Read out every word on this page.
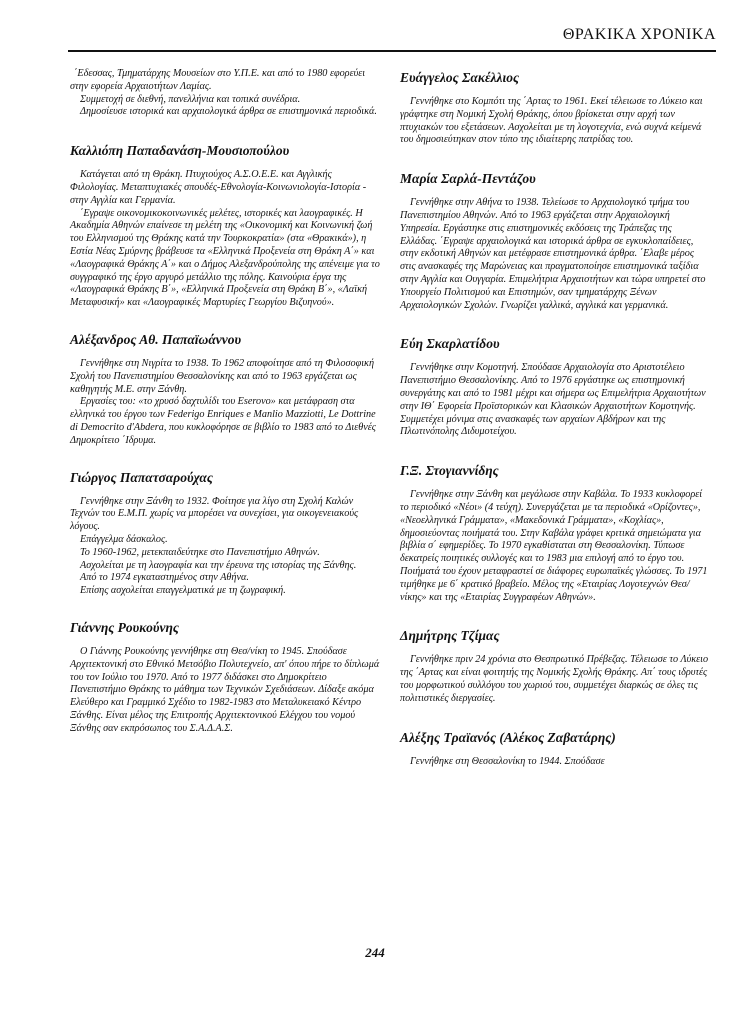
ΘΡΑΚΙΚΑ ΧΡΟΝΙΚΑ

΄Εδεσσας, Τμηματάρχης Μουσείων στο Υ.Π.Ε. και από το 1980 εφορεύει στην εφορεία Αρχαιοτήτων Λαμίας.

Συμμετοχή σε διεθνή, πανελλήνια και τοπικά συνέδρια.

Δημοσίευσε ιστορικά και αρχαιολογικά άρθρα σε επιστημονικά περιοδικά.

Καλλιόπη Παπαδανάση-Μουσιοπούλου

Κατάγεται από τη Θράκη. Πτυχιούχος Α.Σ.Ο.Ε.Ε. και Αγγλικής Φιλολογίας. Μεταπτυχιακές σπουδές-Εθνολογία-Κοινωνιολογία-Ιστορία - στην Αγγλία και Γερμανία.

΄Εγραψε οικονομικοκοινωνικές μελέτες, ιστορικές και λαογραφικές. Η Ακαδημία Αθηνών επαίνεσε τη μελέτη της «Οικονομική και Κοινωνική ζωή του Ελληνισμού της Θράκης κατά την Τουρκοκρατία» (στα «Θρακικά»), η Εστία Νέας Σμύρνης βράβευσε τα «Ελληνικά Προξενεία στη Θράκη Α΄» και «Λαογραφικά Θράκης Α΄» και ο Δήμος Αλεξανδρούπολης της απένειμε για το συγγραφικό της έργο αργυρό μετάλλιο της πόλης. Καινούρια έργα της «Λαογραφικά Θράκης Β΄», «Ελληνικά Προξενεία στη Θράκη Β΄», «Λαϊκή Μεταφυσική» και «Λαογραφικές Μαρτυρίες Γεωργίου Βιζυηνού».

Αλέξανδρος Αθ. Παπαϊωάννου

Γεννήθηκε στη Νιγρίτα το 1938. Το 1962 αποφοίτησε από τη Φιλοσοφική Σχολή του Πανεπιστημίου Θεσσαλονίκης και από το 1963 εργάζεται ως καθηγητής Μ.Ε. στην Ξάνθη.

Εργασίες του: «το χρυσό δαχτυλίδι του Eserovo» και μετάφραση στα ελληνικά του έργου των Federigo Enriques e Manlio Mazziotti, Le Dottrine di Democrito d'Abdera, που κυκλοφόρησε σε βιβλίο το 1983 από το Διεθνές Δημοκρίτειο ΄Ιδρυμα.

Γιώργος Παπατσαρούχας

Γεννήθηκε στην Ξάνθη το 1932. Φοίτησε για λίγο στη Σχολή Καλών Τεχνών του Ε.Μ.Π. χωρίς να μπορέσει να συνεχίσει, για οικογενειακούς λόγους.

Επάγγελμα δάσκαλος.

Το 1960-1962, μετεκπαιδεύτηκε στο Πανεπιστήμιο Αθηνών.

Ασχολείται με τη λαογραφία και την έρευνα της ιστορίας της Ξάνθης.

Από το 1974 εγκαταστημένος στην Αθήνα.

Επίσης ασχολείται επαγγελματικά με τη ζωγραφική.

Γιάννης Ρουκούνης

Ο Γιάννης Ρουκούνης γεννήθηκε στη Θεσ/νίκη το 1945. Σπούδασε Αρχιτεκτονική στο Εθνικό Μετσόβιο Πολυτεχνείο, απ' όπου πήρε το δίπλωμά του τον Ιούλιο του 1970. Από το 1977 διδάσκει στο Δημοκρίτειο Πανεπιστήμιο Θράκης το μάθημα των Τεχνικών Σχεδιάσεων. Δίδαξε ακόμα Ελεύθερο και Γραμμικό Σχέδιο το 1982-1983 στο Μεταλυκειακό Κέντρο Ξάνθης. Είναι μέλος της Επιτροπής Αρχιτεκτονικού Ελέγχου του νομού Ξάνθης σαν εκπρόσωπος του Σ.Α.Δ.Α.Σ.

Ευάγγελος Σακέλλιος

Γεννήθηκε στο Κομπότι της ΄Αρτας το 1961. Εκεί τέλειωσε το Λύκειο και γράφτηκε στη Νομική Σχολή Θράκης, όπου βρίσκεται στην αρχή των πτυχιακών του εξετάσεων. Ασχολείται με τη λογοτεχνία, ενώ συχνά κείμενά του δημοσιεύτηκαν στον τύπο της ιδιαίτερης πατρίδας του.

Μαρία Σαρλά-Πεντάζου

Γεννήθηκε στην Αθήνα το 1938. Τελείωσε το Αρχαιολογικό τμήμα του Πανεπιστημίου Αθηνών. Από το 1963 εργάζεται στην Αρχαιολογική Υπηρεσία. Εργάστηκε στις επιστημονικές εκδόσεις της Τράπεζας της Ελλάδας. ΄Εγραψε αρχαιολογικά και ιστορικά άρθρα σε εγκυκλοπαίδειες, στην εκδοτική Αθηνών και μετέφρασε επιστημονικά άρθρα. ΄Ελαβε μέρος στις ανασκαφές της Μαρώνειας και πραγματοποίησε επιστημονικά ταξίδια στην Αγγλία και Ουγγαρία. Επιμελήτρια Αρχαιοτήτων και τώρα υπηρετεί στο Υπουργείο Πολιτισμού και Επιστημών, σαν τμηματάρχης Ξένων Αρχαιολογικών Σχολών. Γνωρίζει γαλλικά, αγγλικά και γερμανικά.

Εύη Σκαρλατίδου

Γεννήθηκε στην Κομοτηνή. Σπούδασε Αρχαιολογία στο Αριστοτέλειο Πανεπιστήμιο Θεσσαλονίκης. Από το 1976 εργάστηκε ως επιστημονική συνεργάτης και από το 1981 μέχρι και σήμερα ως Επιμελήτρια Αρχαιοτήτων στην ΙΘ΄ Εφορεία Προϊστορικών και Κλασικών Αρχαιοτήτων Κομοτηνής. Συμμετέχει μόνιμα στις ανασκαφές των αρχαίων Αβδήρων και της Πλωτινόπολης Διδυμοτείχου.

Γ.Ξ. Στογιαννίδης

Γεννήθηκε στην Ξάνθη και μεγάλωσε στην Καβάλα. Το 1933 κυκλοφορεί το περιοδικό «Νέοι» (4 τεύχη). Συνεργάζεται με τα περιοδικά «Ορίζοντες», «Νεοελληνικά Γράμματα», «Μακεδονικά Γράμματα», «Κοχλίας», δημοσιεύοντας ποιήματά του. Στην Καβάλα γράφει κριτικά σημειώματα για βιβλία σ΄ εφημερίδες. Το 1970 εγκαθίσταται στη Θεσσαλονίκη. Τύπωσε δεκατρείς ποιητικές συλλογές και το 1983 μια επιλογή από το έργο του. Ποιήματά του έχουν μεταφραστεί σε διάφορες ευρωπαϊκές γλώσσες. Το 1971 τιμήθηκε με 6΄ κρατικό βραβείο. Μέλος της «Εταιρίας Λογοτεχνών Θεσ/νίκης» και της «Εταιρίας Συγγραφέων Αθηνών».

Δημήτρης Τζίμας

Γεννήθηκε πριν 24 χρόνια στο Θεσπρωτικό Πρέβεζας. Τέλειωσε το Λύκειο της ΄Αρτας και είναι φοιτητής της Νομικής Σχολής Θράκης. Απ΄ τους ιδρυτές του μορφωτικού συλλόγου του χωριού του, συμμετέχει διαρκώς σε όλες τις πολιτιστικές διεργασίες.

Αλέξης Τραϊανός (Αλέκος Ζαβατάρης)

Γεννήθηκε στη Θεσσαλονίκη το 1944. Σπούδασε

244
